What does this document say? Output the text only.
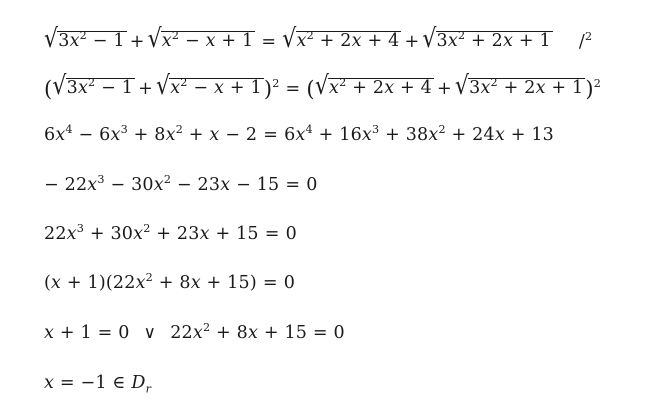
$√3x^2 - 1 + √x^2 - x + 1 = √x^2 + 2x + 4 + √3x^2 + 2x + 1$ /$^2$
$(√3x^2 - 1 + √x^2 - x + 1)^2 = (√x^2 + 2x + 4 + √3x^2 + 2x + 1)^2$
$6x^4 - 6x^3 + 8x^2 + x - 2 = 6x^4 + 16x^3 + 38x^2 + 24x + 13$
− $22x^3 - 30x^2 - 23x - 15 = 0$
$22x^3 + 30x^2 + 23x + 15 = 0$
$(x + 1)(22x^2 + 8x + 15) = 0$
x + 1 = 0 ∨ $22x^2 + 8x + 15 = 0$
x = −1 ∈ $D_r$
